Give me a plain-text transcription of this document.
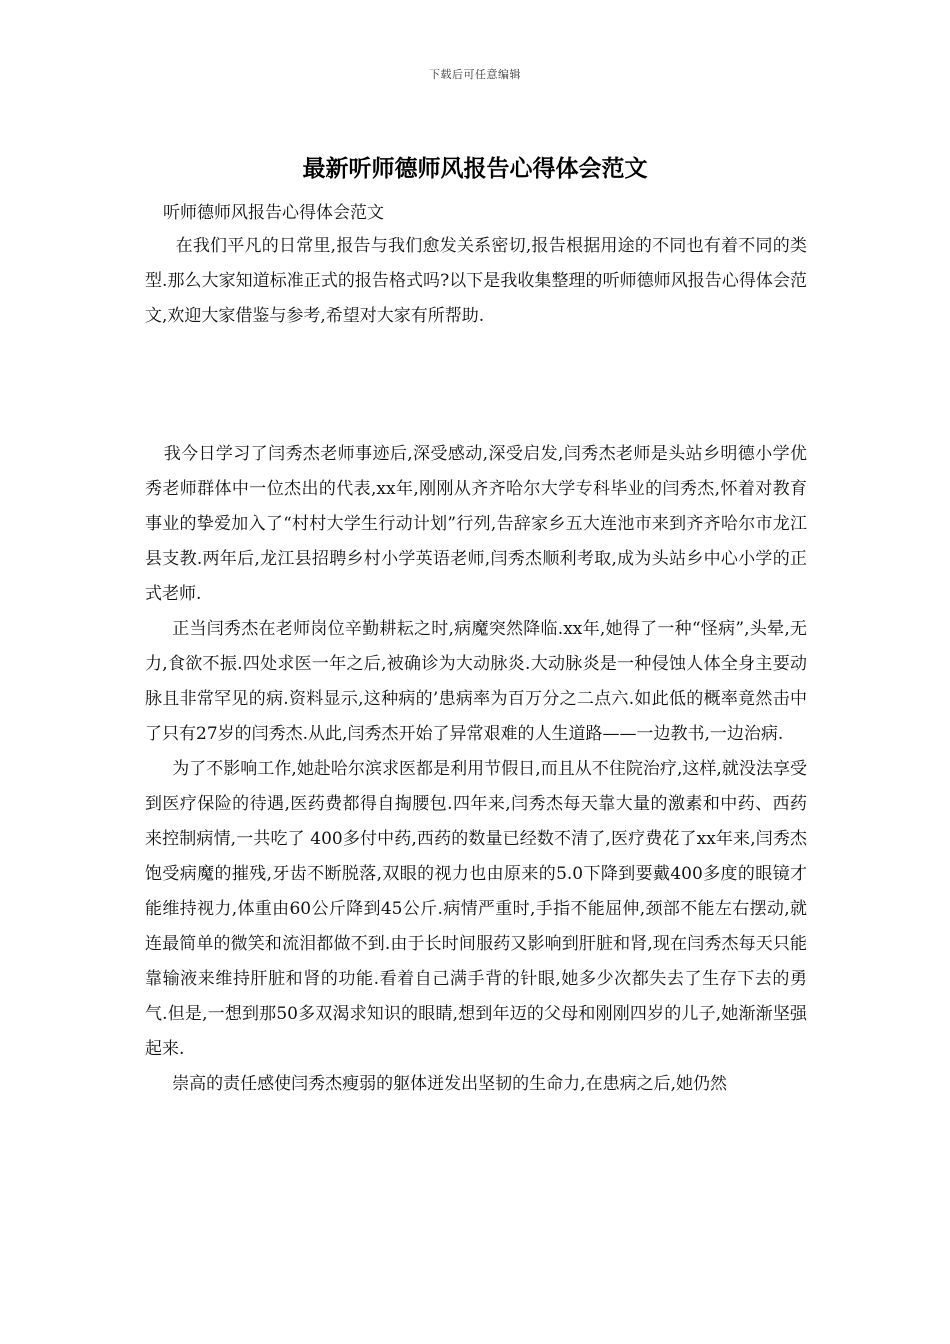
下载后可任意编辑
最新听师德师风报告心得体会范文
听师德师风报告心得体会范文

在我们平凡的日常里,报告与我们愈发关系密切,报告根据用途的不同也有着不同的类型.那么大家知道标准正式的报告格式吗?以下是我收集整理的听师德师风报告心得体会范文,欢迎大家借鉴与参考,希望对大家有所帮助.

我今日学习了闫秀杰老师事迹后,深受感动,深受启发,闫秀杰老师是头站乡明德小学优秀老师群体中一位杰出的代表,xx年,刚刚从齐齐哈尔大学专科毕业的闫秀杰,怀着对教育事业的挚爱加入了“村村大学生行动计划”行列,告辞家乡五大连池市来到齐齐哈尔市龙江县支教.两年后,龙江县招聘乡村小学英语老师,闫秀杰顺利考取,成为头站乡中心小学的正式老师.

正当闫秀杰在老师岗位辛勤耕耘之时,病魔突然降临.xx年,她得了一种“怪病”,头晕,无力,食欲不振.四处求医一年之后,被确诊为大动脉炎.大动脉炎是一种侵蚀人体全身主要动脉且非常罕见的病.资料显示,这种病的’患病率为百万分之二点六.如此低的概率竟然击中了只有27岁的闫秀杰.从此,闫秀杰开始了异常艰难的人生道路——一边教书,一边治病.

为了不影响工作,她赴哈尔滨求医都是利用节假日,而且从不住院治疗,这样,就没法享受到医疗保险的待遇,医药费都得自掏腰包.四年来,闫秀杰每天靠大量的激素和中药、西药来控制病情,一共吃了 400多付中药,西药的数量已经数不清了,医疗费花了xx年来,闫秀杰饱受病魔的摧残,牙齿不断脱落,双眼的视力也由原来的5.0下降到要戴400多度的眼镜才能维持视力,体重由60公斤降到45公斤.病情严重时,手指不能屈伸,颈部不能左右摆动,就连最简单的微笑和流泪都做不到.由于长时间服药又影响到肝脏和肾,现在闫秀杰每天只能靠输液来维持肝脏和肾的功能.看着自己满手背的针眼,她多少次都失去了生存下去的勇气.但是,一想到那50多双渴求知识的眼睛,想到年迈的父母和刚刚四岁的儿子,她渐渐坚强起来.

崇高的责任感使闫秀杰瘦弱的躯体迸发出坚韧的生命力,在患病之后,她仍然
